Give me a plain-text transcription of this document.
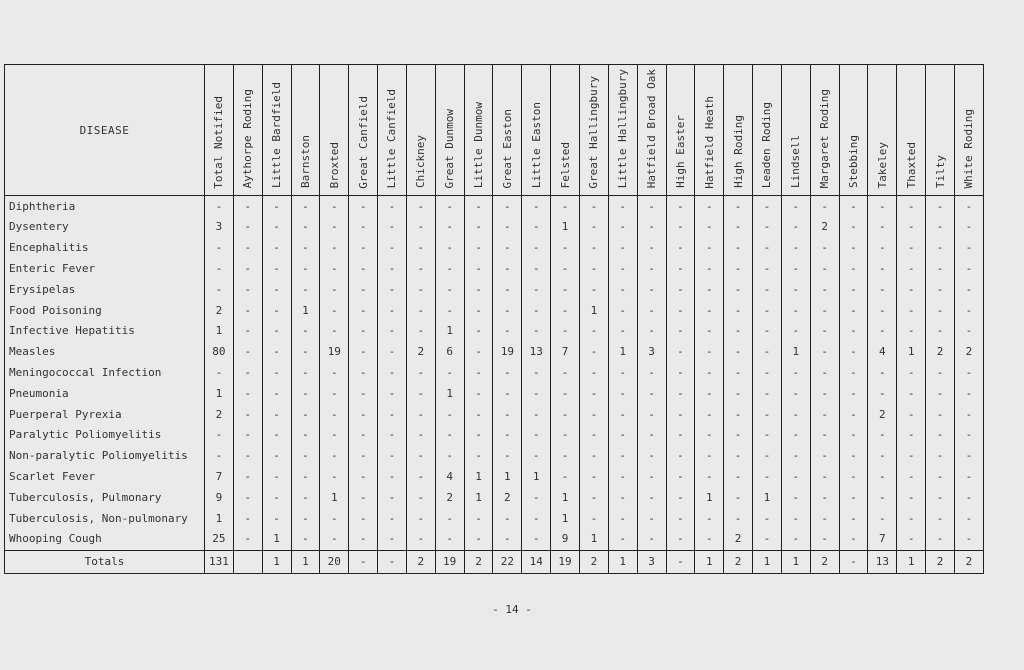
DISEASE	Total Notified	Aythorpe Roding	Little Bardfield	Barnston	Broxted	Great Canfield	Little Canfield	Chickney	Great Dunmow	Little Dunmow	Great Easton	Little Easton	Felsted	Great Hallingbury	Little Hallingbury	Hatfield Broad Oak	High Easter	Hatfield Heath	High Roding	Leaden Roding	Lindsell	Margaret Roding	Stebbing	Takeley	Thaxted	Tilty	White Roding
Diphtheria	-	-	-	-	-	-	-	-	-	-	-	-	-	-	-	-	-	-	-	-	-	-	-	-	-	-	-
Dysentery	3	-	-	-	-	-	-	-	-	-	-	-	1	-	-	-	-	-	-	-	-	2	-	-	-	-	-
Encephalitis	-	-	-	-	-	-	-	-	-	-	-	-	-	-	-	-	-	-	-	-	-	-	-	-	-	-	-
Enteric Fever	-	-	-	-	-	-	-	-	-	-	-	-	-	-	-	-	-	-	-	-	-	-	-	-	-	-	-
Erysipelas	-	-	-	-	-	-	-	-	-	-	-	-	-	-	-	-	-	-	-	-	-	-	-	-	-	-	-
Food Poisoning	2	-	-	1	-	-	-	-	-	-	-	-	-	1	-	-	-	-	-	-	-	-	-	-	-	-	-
Infective Hepatitis	1	-	-	-	-	-	-	-	1	-	-	-	-	-	-	-	-	-	-	-	-	-	-	-	-	-	-
Measles	80	-	-	-	19	-	-	2	6	-	19	13	7	-	1	3	-	-	-	-	1	-	-	4	1	2	2
Meningococcal Infection	-	-	-	-	-	-	-	-	-	-	-	-	-	-	-	-	-	-	-	-	-	-	-	-	-	-	-
Pneumonia	1	-	-	-	-	-	-	-	1	-	-	-	-	-	-	-	-	-	-	-	-	-	-	-	-	-	-
Puerperal Pyrexia	2	-	-	-	-	-	-	-	-	-	-	-	-	-	-	-	-	-	-	-	-	-	-	2	-	-	-
Paralytic Poliomyelitis	-	-	-	-	-	-	-	-	-	-	-	-	-	-	-	-	-	-	-	-	-	-	-	-	-	-	-
Non-paralytic Poliomyelitis	-	-	-	-	-	-	-	-	-	-	-	-	-	-	-	-	-	-	-	-	-	-	-	-	-	-	-
Scarlet Fever	7	-	-	-	-	-	-	-	4	1	1	1	-	-	-	-	-	-	-	-	-	-	-	-	-	-	-
Tuberculosis, Pulmonary	9	-	-	-	1	-	-	-	2	1	2	-	1	-	-	-	-	1	-	1	-	-	-	-	-	-	-
Tuberculosis, Non-pulmonary	1	-	-	-	-	-	-	-	-	-	-	-	1	-	-	-	-	-	-	-	-	-	-	-	-	-	-
Whooping Cough	25	-	1	-	-	-	-	-	-	-	-	-	9	1	-	-	-	-	2	-	-	-	-	7	-	-	-
Totals	131		1	1	20	-	-	2	19	2	22	14	19	2	1	3	-	1	2	1	1	2	-	13	1	2	2
- 14 -
